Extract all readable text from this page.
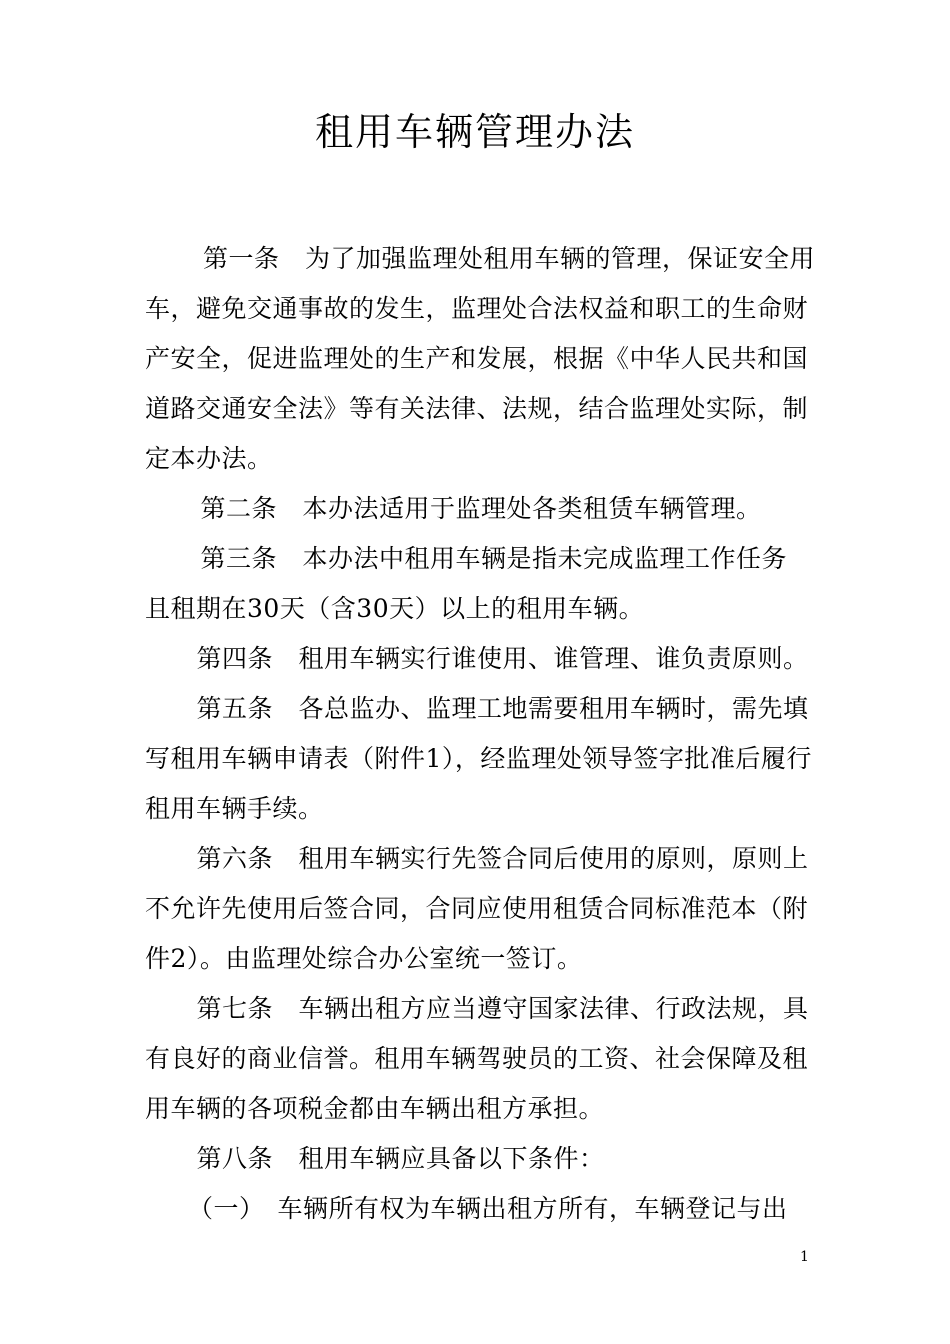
租用车辆管理办法

第一条　为了加强监理处租用车辆的管理，保证安全用

车，避免交通事故的发生，监理处合法权益和职工的生命财

产安全，促进监理处的生产和发展，根据《中华人民共和国

道路交通安全法》等有关法律、法规，结合监理处实际，制

定本办法。

　第二条　本办法适用于监理处各类租赁车辆管理。

　第三条　本办法中租用车辆是指未完成监理工作任务

且租期在30天（含30天）以上的租用车辆。

　第四条　租用车辆实行谁使用、谁管理、谁负责原则。

　第五条　各总监办、监理工地需要租用车辆时，需先填

写租用车辆申请表（附件1），经监理处领导签字批准后履行

租用车辆手续。

　第六条　租用车辆实行先签合同后使用的原则，原则上

不允许先使用后签合同，合同应使用租赁合同标准范本（附

件2）。由监理处综合办公室统一签订。

　第七条　车辆出租方应当遵守国家法律、行政法规，具

有良好的商业信誉。租用车辆驾驶员的工资、社会保障及租

用车辆的各项税金都由车辆出租方承担。

　第八条　租用车辆应具备以下条件：

　（一）　车辆所有权为车辆出租方所有，车辆登记与出

1
